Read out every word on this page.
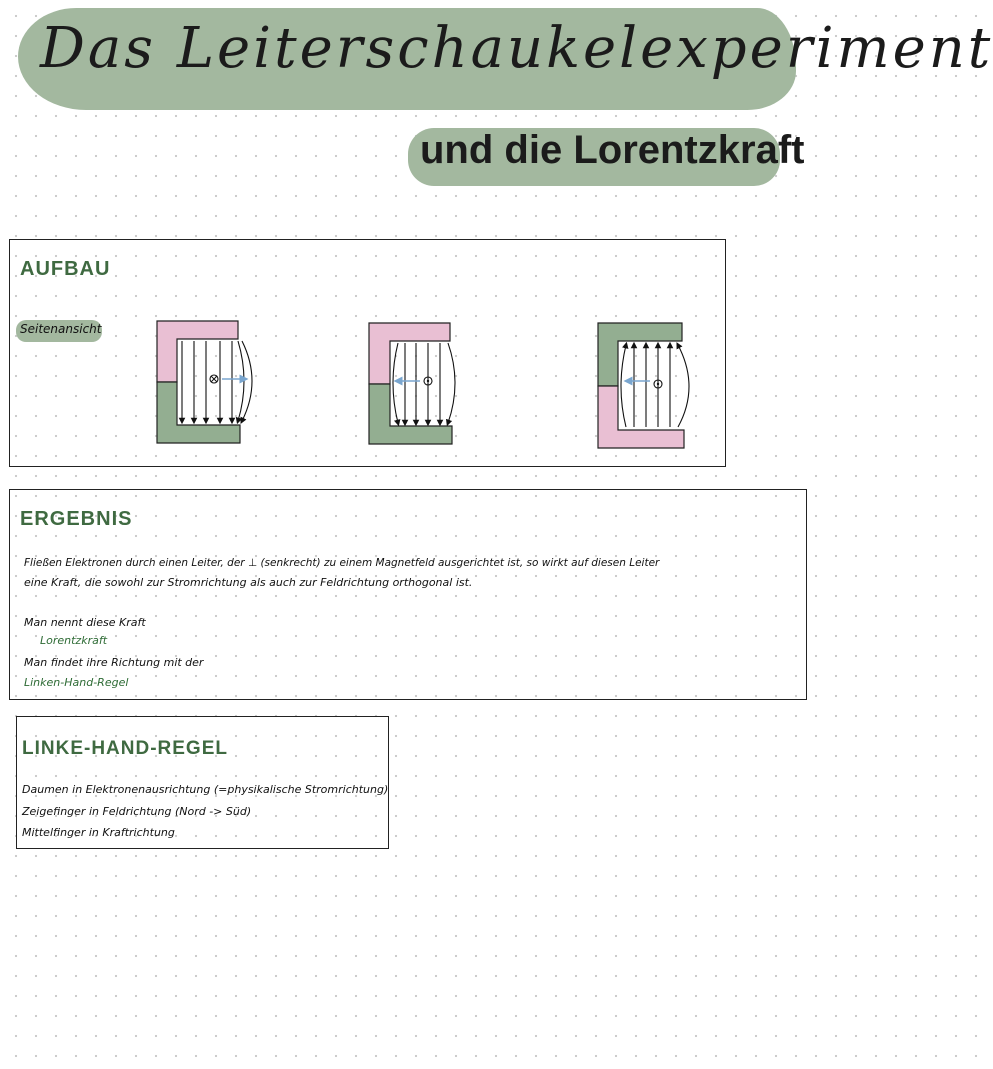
Das Leiterschaukelexperiment
und die Lorentzkraft
AUFBAU
Seitenansicht
ERGEBNIS
Fließen Elektronen durch einen Leiter, der ⊥ (senkrecht) zu einem Magnetfeld ausgerichtet ist, so wirkt auf diesen Leiter
eine Kraft, die sowohl zur Stromrichtung als auch zur Feldrichtung orthogonal ist.
Man nennt diese Kraft
Lorentzkraft
Man findet ihre Richtung mit der
Linken-Hand-Regel
LINKE-HAND-REGEL
Daumen in Elektronenausrichtung (=physikalische Stromrichtung)
Zeigefinger in Feldrichtung (Nord -> Süd)
Mittelfinger in Kraftrichtung
